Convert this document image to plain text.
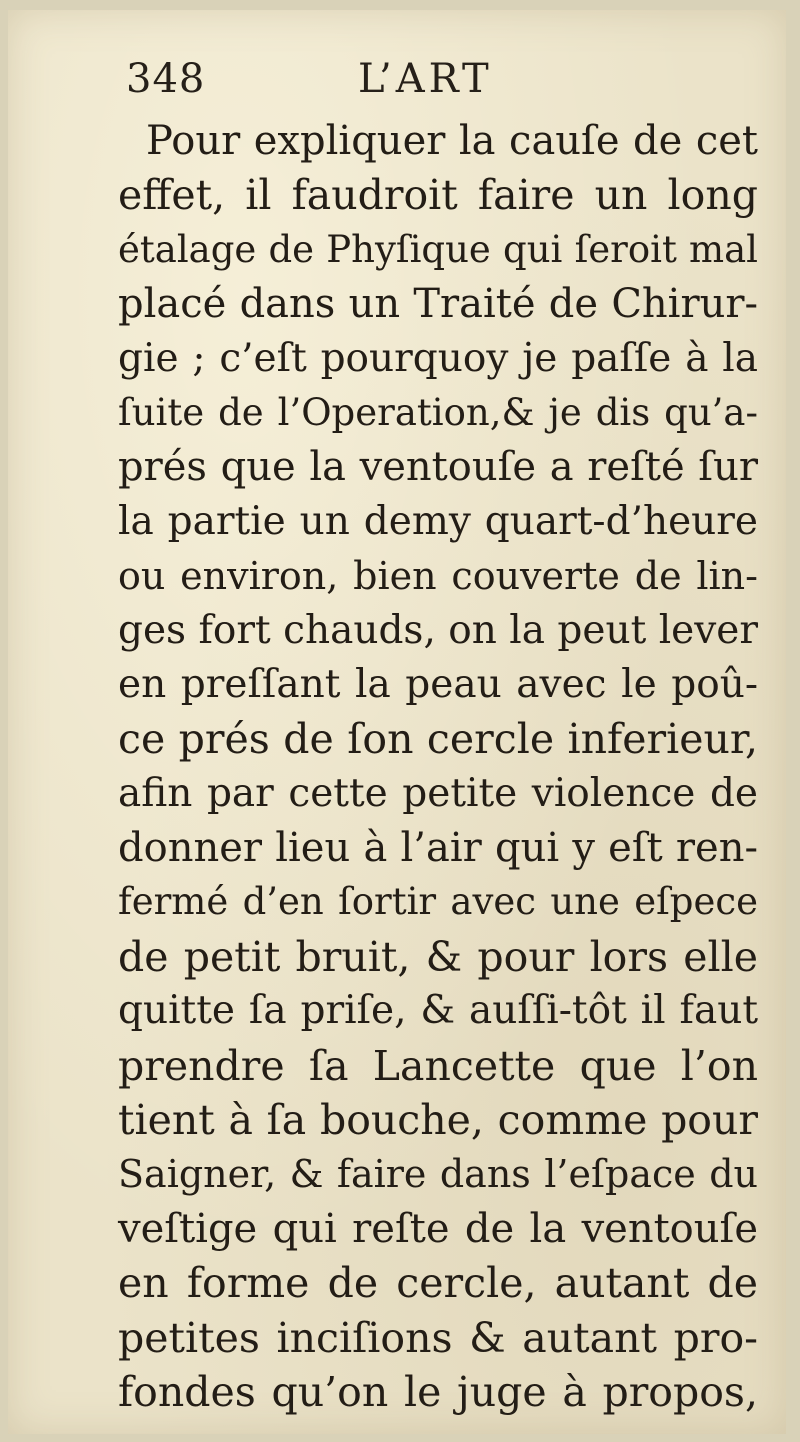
348	L’ART
Pour expliquer la cauſe de cet
effet, il faudroit faire un long
étalage de Phyſique qui ſeroit mal
placé dans un Traité de Chirur-
gie ; c’eſt pourquoy je paſſe à la
ſuite de l’Operation,& je dis qu’a-
prés que la ventouſe a reſté ſur
la partie un demy quart-d’heure
ou environ, bien couverte de lin-
ges fort chauds, on la peut lever
en preſſant la peau avec le poû-
ce prés de ſon cercle inferieur,
afin par cette petite violence de
donner lieu à l’air qui y eſt ren-
fermé d’en ſortir avec une eſpece
de petit bruit, & pour lors elle
quitte ſa priſe, & auſſi-tôt il faut
prendre ſa Lancette que l’on
tient à ſa bouche, comme pour
Saigner, & faire dans l’eſpace du
veſtige qui reſte de la ventouſe
en forme de cercle, autant de
petites inciſions & autant pro-
fondes qu’on le juge à propos,
